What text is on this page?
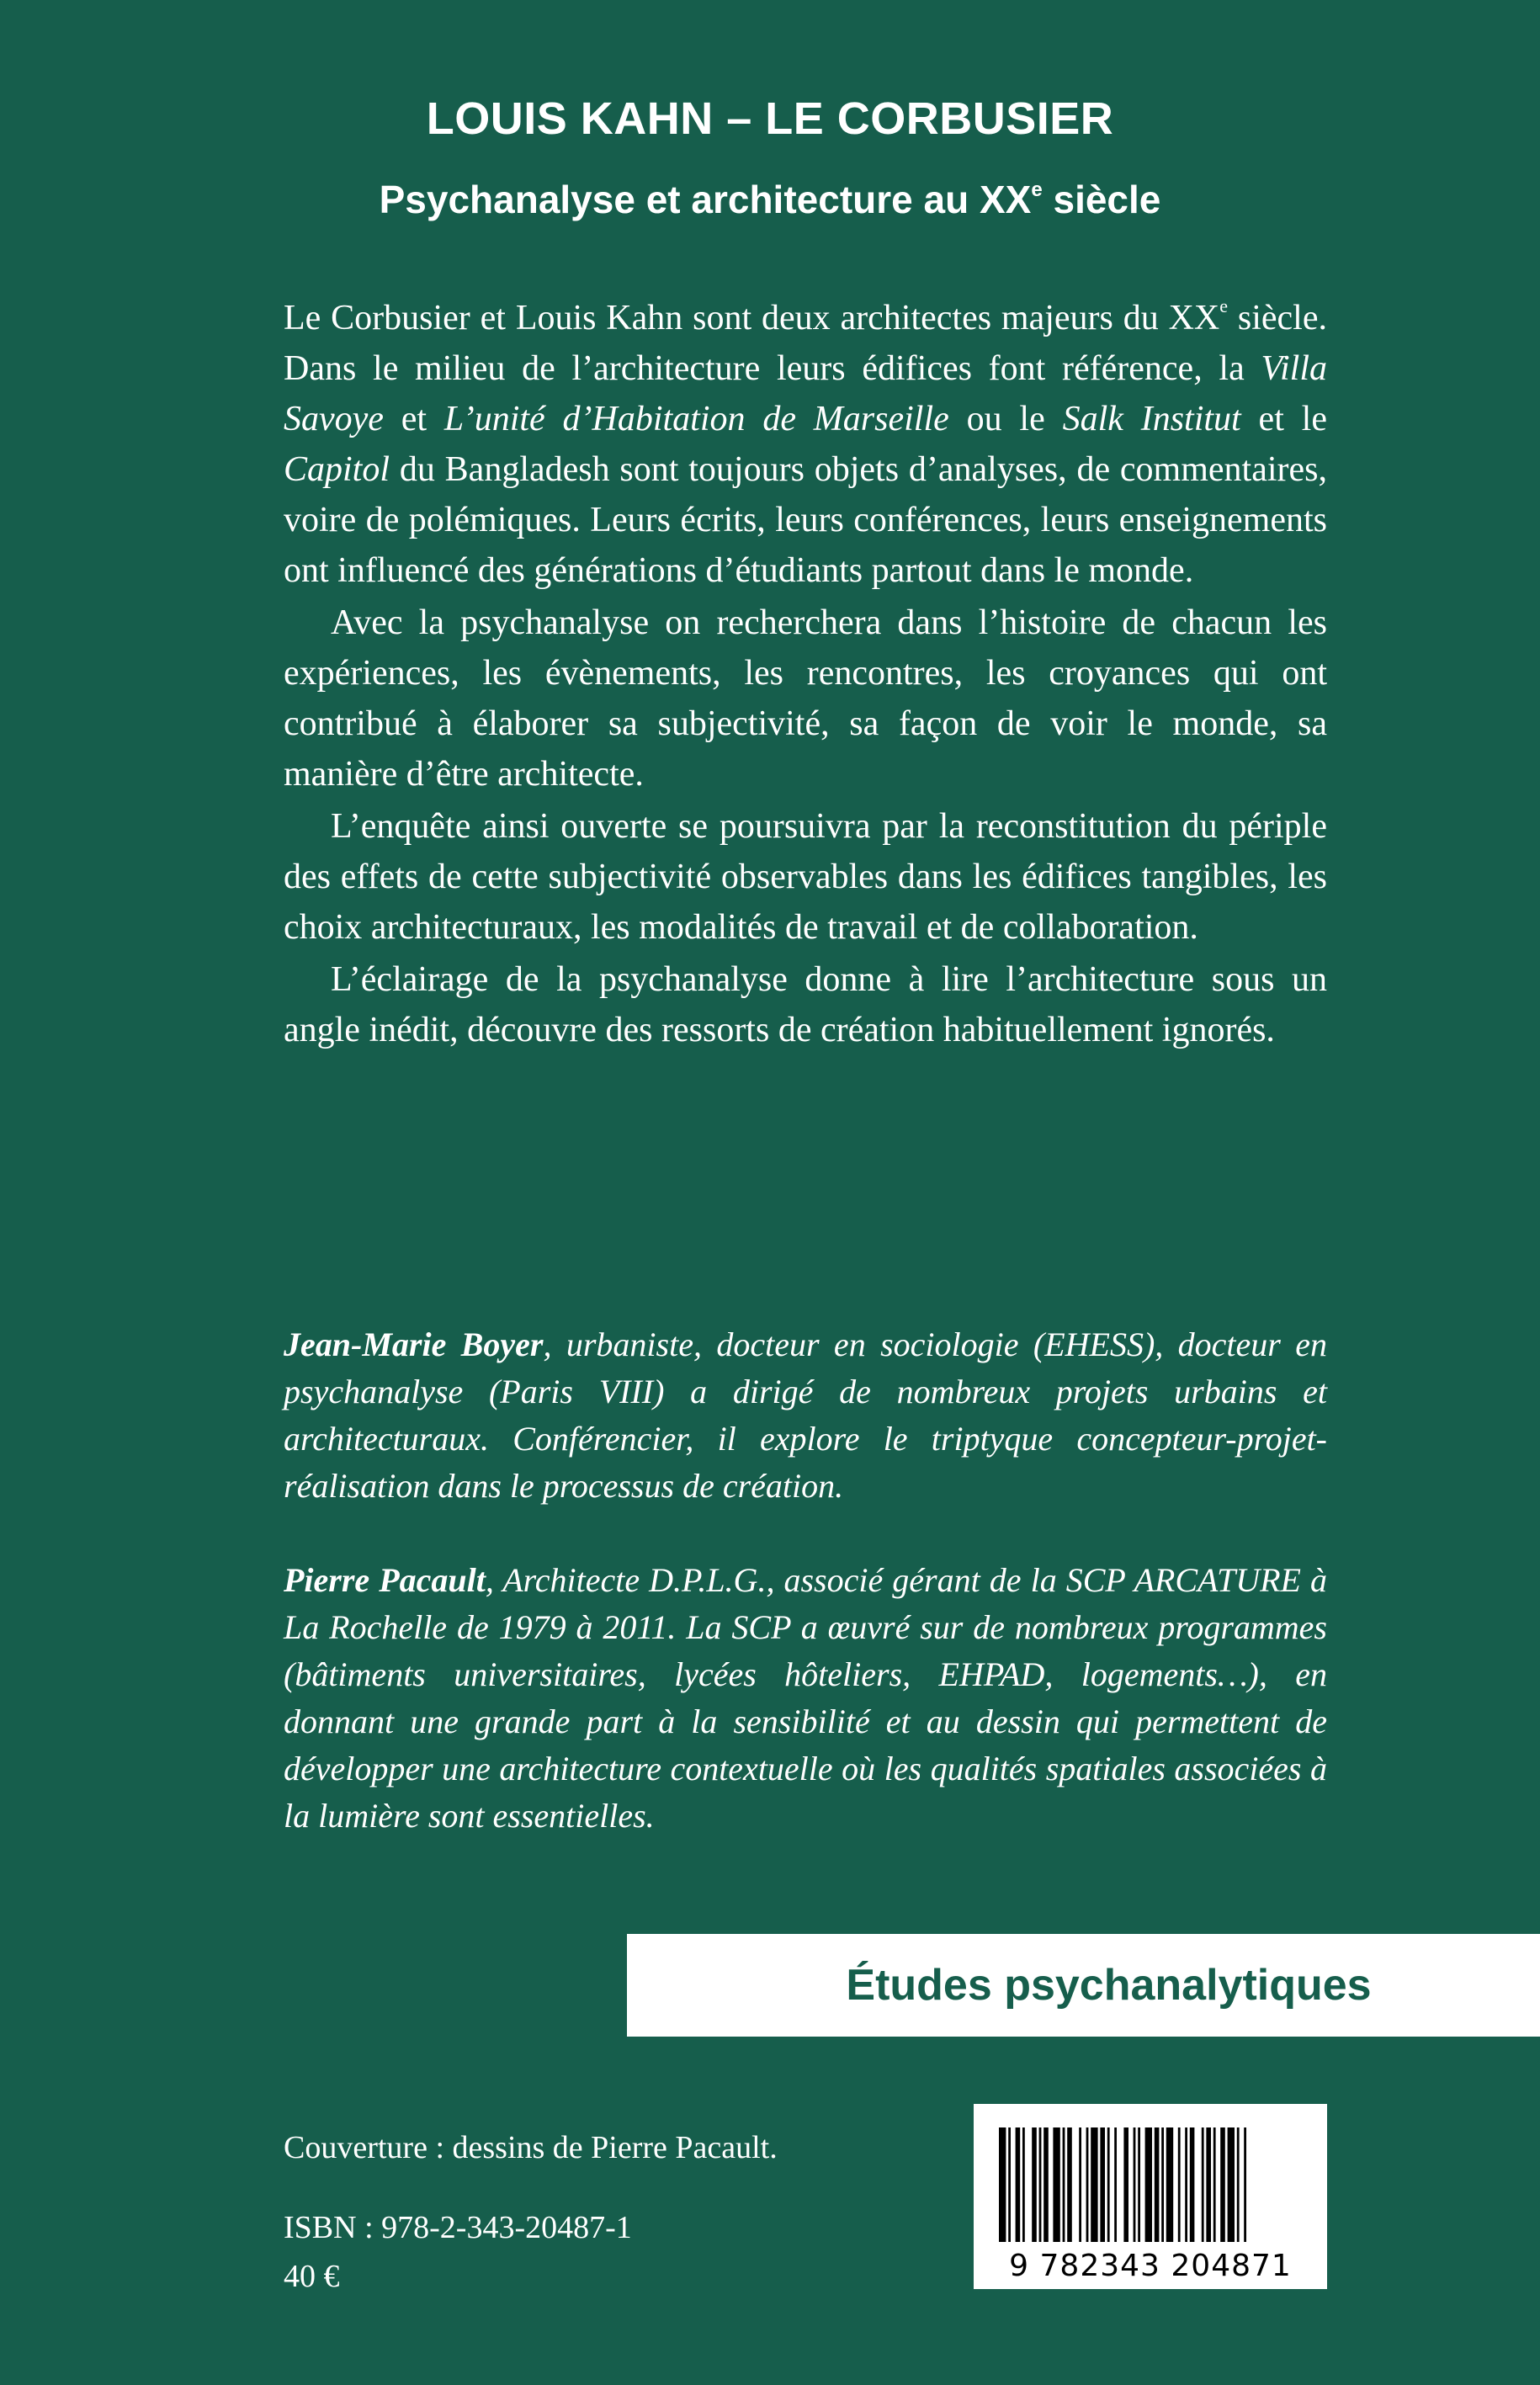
LOUIS KAHN – LE CORBUSIER
Psychanalyse et architecture au XXe siècle

Le Corbusier et Louis Kahn sont deux architectes majeurs du XXe siècle. Dans le milieu de l’architecture leurs édifices font référence, la Villa Savoye et L’unité d’Habitation de Marseille ou le Salk Institut et le Capitol du Bangladesh sont toujours objets d’analyses, de commentaires, voire de polémiques. Leurs écrits, leurs conférences, leurs enseignements ont influencé des générations d’étudiants partout dans le monde.

Avec la psychanalyse on recherchera dans l’histoire de chacun les expériences, les évènements, les rencontres, les croyances qui ont contribué à élaborer sa subjectivité, sa façon de voir le monde, sa manière d’être architecte.

L’enquête ainsi ouverte se poursuivra par la reconstitution du périple des effets de cette subjectivité observables dans les édifices tangibles, les choix architecturaux, les modalités de travail et de collaboration.

L’éclairage de la psychanalyse donne à lire l’architecture sous un angle inédit, découvre des ressorts de création habituellement ignorés.

Jean-Marie Boyer, urbaniste, docteur en sociologie (EHESS), docteur en psychanalyse (Paris VIII) a dirigé de nombreux projets urbains et architecturaux. Conférencier, il explore le triptyque concepteur-projet-réalisation dans le processus de création.

Pierre Pacault, Architecte D.P.L.G., associé gérant de la SCP ARCATURE à La Rochelle de 1979 à 2011. La SCP a œuvré sur de nombreux programmes (bâtiments universitaires, lycées hôteliers, EHPAD, logements…), en donnant une grande part à la sensibilité et au dessin qui permettent de développer une architecture contextuelle où les qualités spatiales associées à la lumière sont essentielles.

Études psychanalytiques
Couverture : dessins de Pierre Pacault.
ISBN : 978-2-343-20487-1
40 €	9 782343 204871
